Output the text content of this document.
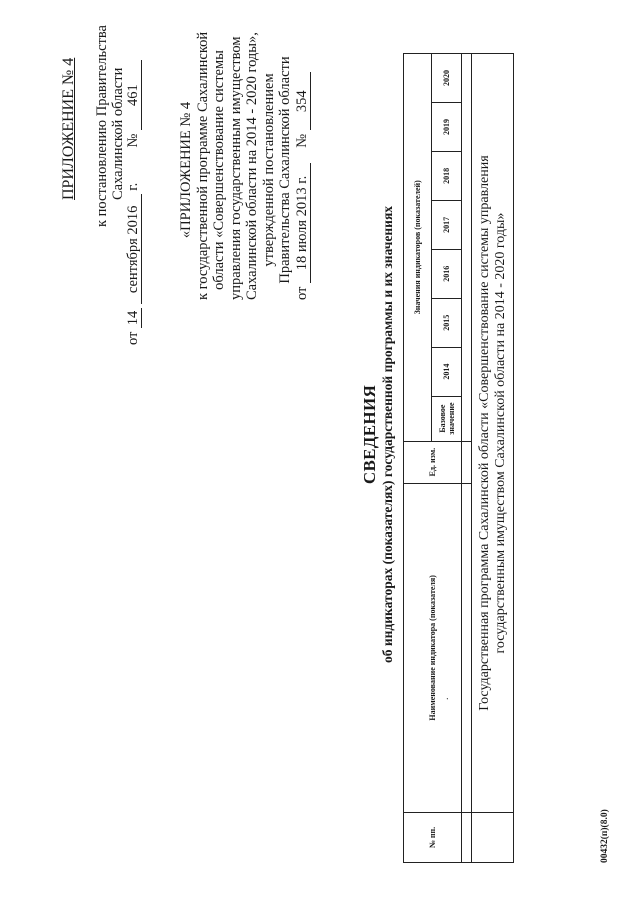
ПРИЛОЖЕНИЕ № 4 к постановлению Правительства Сахалинской области
от 14 сентября 2016 г.  № 461
«ПРИЛОЖЕНИЕ № 4 к государственной программе Сахалинской области «Совершенствование системы управления государственным имуществом Сахалинской области на 2014 - 2020 годы», утвержденной постановлением Правительства Сахалинской области
от 18 июля 2013 г.  № 354
СВЕДЕНИЯ об индикаторах (показателях) государственной программы и их значениях
№ пп.	Наименование индикатора (показателя)	Ед. изм.	Значения индикаторов (показателей)							
			Базовое значение	2014	2015	2016	2017	2018	2019	2020

	Государственная программа Сахалинской области «Совершенствование системы управления государственным имуществом Сахалинской области на 2014 - 2020 годы»									
.
00432(п)(8.0)
